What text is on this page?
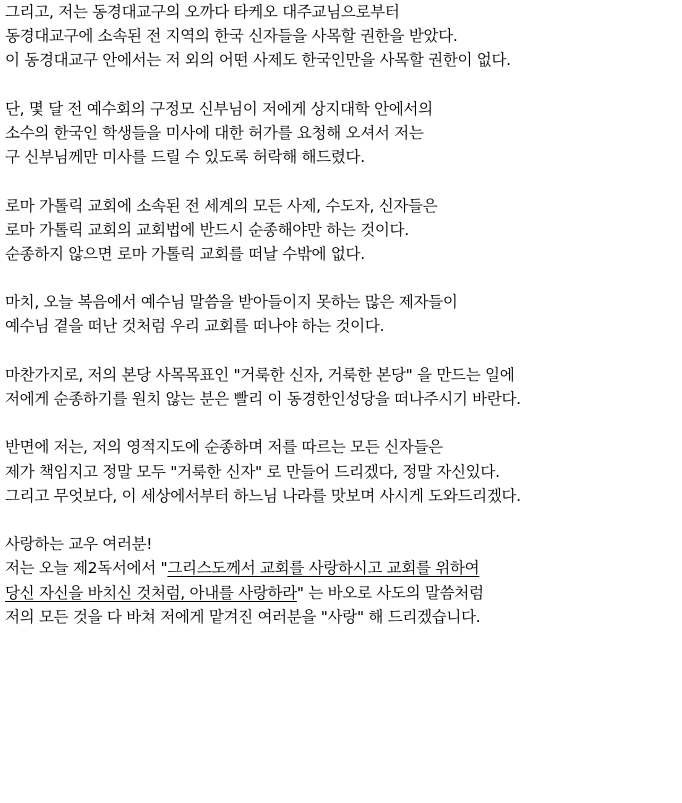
그리고, 저는 동경대교구의 오까다 타케오 대주교님으로부터
동경대교구에 소속된 전 지역의 한국 신자들을 사목할 권한을 받았다.
이 동경대교구 안에서는 저 외의 어떤 사제도 한국인만을 사목할 권한이 없다.
단, 몇 달 전 예수회의 구정모 신부님이 저에게 상지대학 안에서의
소수의 한국인 학생들을 미사에 대한 허가를 요청해 오셔서 저는
구 신부님께만 미사를 드릴 수 있도록 허락해 해드렸다.
로마 가톨릭 교회에 소속된 전 세계의 모든 사제, 수도자, 신자들은
로마 가톨릭 교회의 교회법에 반드시 순종해야만 하는 것이다.
순종하지 않으면 로마 가톨릭 교회를 떠날 수밖에 없다.
마치, 오늘 복음에서 예수님 말씀을 받아들이지 못하는 많은 제자들이
예수님 곁을 떠난 것처럼 우리 교회를 떠나야 하는 것이다.
마찬가지로, 저의 본당 사목목표인 "거룩한 신자, 거룩한 본당" 을 만드는 일에
저에게 순종하기를 원치 않는 분은 빨리 이 동경한인성당을 떠나주시기 바란다.
반면에 저는, 저의 영적지도에 순종하며 저를 따르는 모든 신자들은
제가 책임지고 정말 모두 "거룩한 신자" 로 만들어 드리겠다, 정말 자신있다.
그리고 무엇보다, 이 세상에서부터 하느님 나라를 맛보며 사시게 도와드리겠다.
사랑하는 교우 여러분!
저는 오늘 제2독서에서 "그리스도께서 교회를 사랑하시고 교회를 위하여
당신 자신을 바치신 것처럼, 아내를 사랑하라" 는 바오로 사도의 말씀처럼
저의 모든 것을 다 바쳐 저에게 맡겨진 여러분을 "사랑" 해 드리겠습니다.
